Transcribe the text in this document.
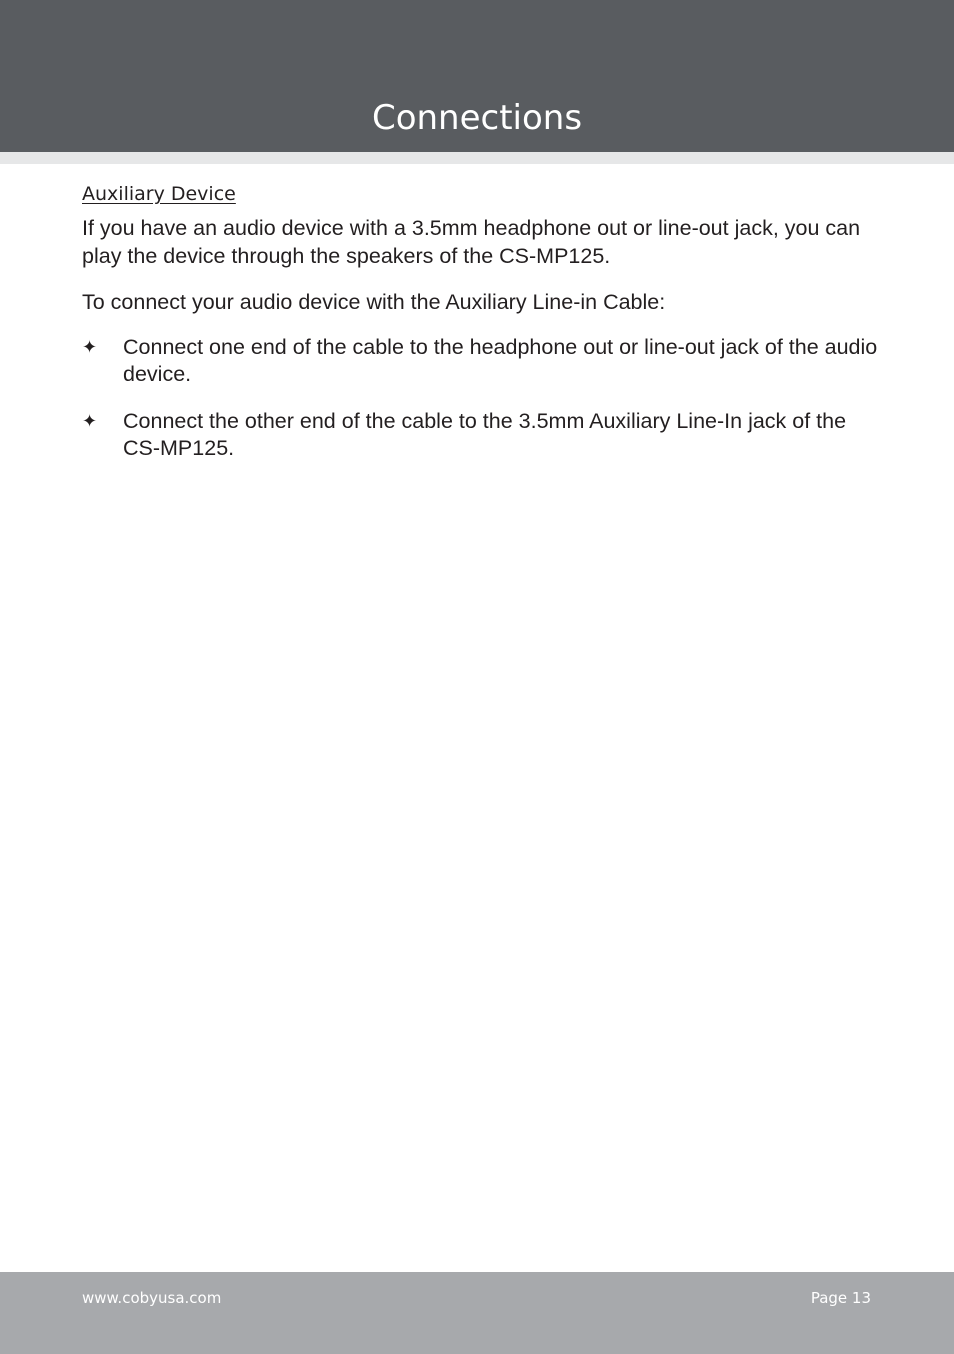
Connections
Auxiliary Device

If you have an audio device with a 3.5mm headphone out or line-out jack, you can play the device through the speakers of the CS-MP125.

To connect your audio device with the Auxiliary Line-in Cable:

✦ Connect one end of the cable to the headphone out or line-out jack of the audio device.
✦ Connect the other end of the cable to the 3.5mm Auxiliary Line-In jack of the CS-MP125.
www.cobyusa.com	Page 13
